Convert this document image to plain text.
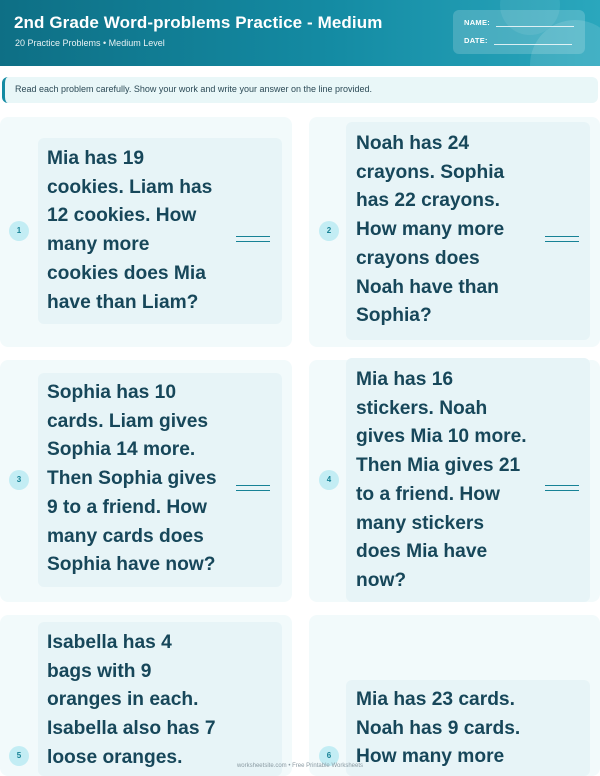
2nd Grade Word-problems Practice - Medium
20 Practice Problems • Medium Level
NAME:
DATE:
Read each problem carefully. Show your work and write your answer on the line provided.
1
Mia has 19
cookies. Liam has
12 cookies. How
many more
cookies does Mia
have than Liam?
2
Noah has 24
crayons. Sophia
has 22 crayons.
How many more
crayons does
Noah have than
Sophia?
3
Sophia has 10
cards. Liam gives
Sophia 14 more.
Then Sophia gives
9 to a friend. How
many cards does
Sophia have now?
4
Mia has 16
stickers. Noah
gives Mia 10 more.
Then Mia gives 21
to a friend. How
many stickers
does Mia have
now?
5
Isabella has 4
bags with 9
oranges in each.
Isabella also has 7
loose oranges.	6
Mia has 23 cards.
Noah has 9 cards.
How many more
worksheetsite.com • Free Printable Worksheets
